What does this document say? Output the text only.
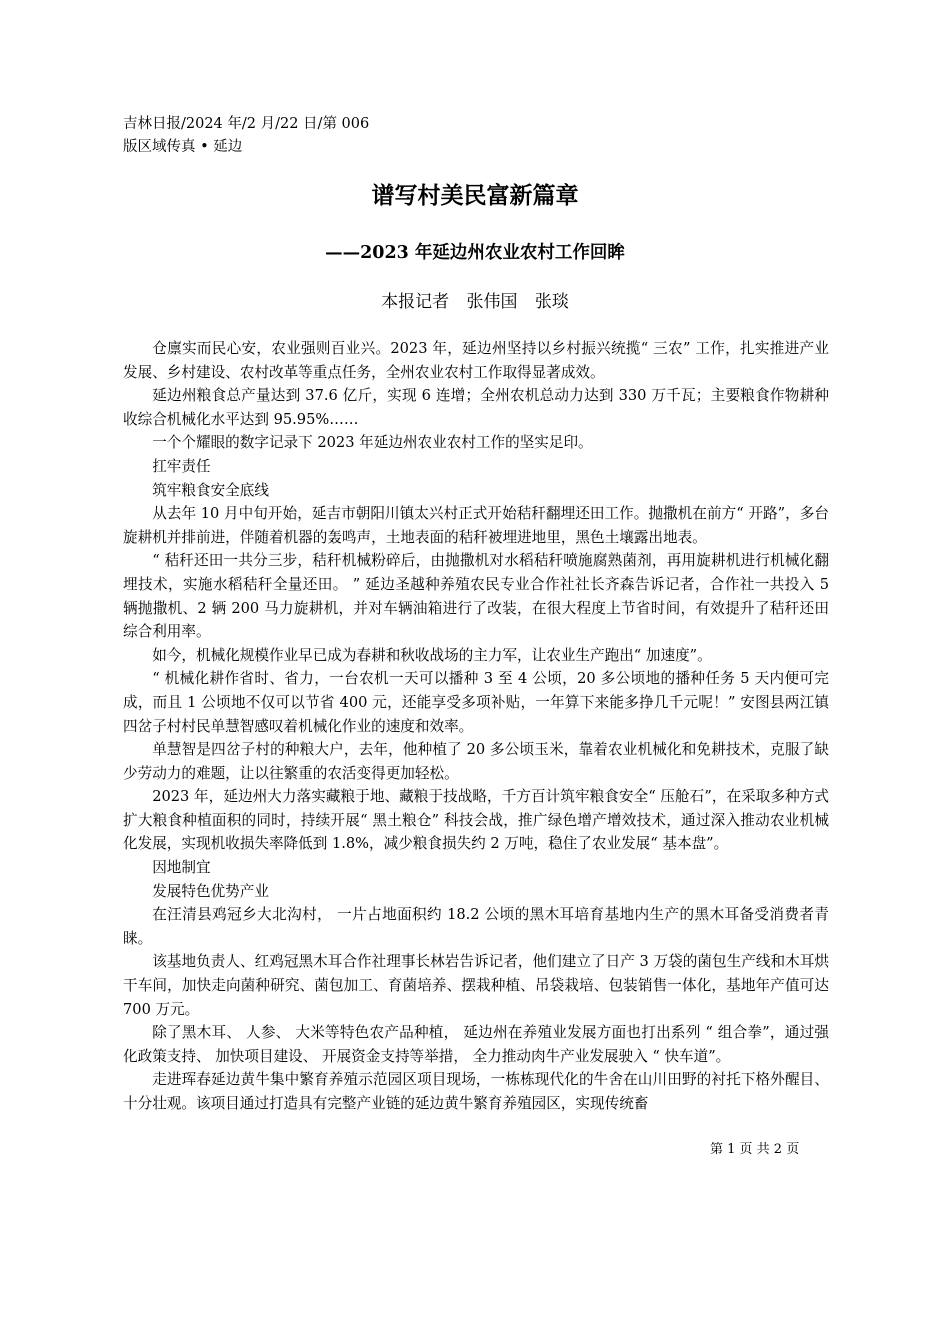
吉林日报/2024 年/2 月/22 日/第 006
版区域传真 • 延边
谱写村美民富新篇章
——2023 年延边州农业农村工作回眸
本报记者 张伟国 张琰

仓廪实而民心安，农业强则百业兴。2023 年，延边州坚持以乡村振兴统揽“ 三农” 工作，扎实推进产业发展、乡村建设、农村改革等重点任务，全州农业农村工作取得显著成效。

延边州粮食总产量达到 37.6 亿斤，实现 6 连增；全州农机总动力达到 330 万千瓦；主要粮食作物耕种收综合机械化水平达到 95.95%……

一个个耀眼的数字记录下 2023 年延边州农业农村工作的坚实足印。

扛牢责任

筑牢粮食安全底线

从去年 10 月中旬开始，延吉市朝阳川镇太兴村正式开始秸秆翻埋还田工作。抛撒机在前方“ 开路”，多台旋耕机并排前进，伴随着机器的轰鸣声，土地表面的秸秆被埋进地里，黑色土壤露出地表。

“ 秸秆还田一共分三步，秸秆机械粉碎后，由抛撒机对水稻秸秆喷施腐熟菌剂，再用旋耕机进行机械化翻埋技术，实施水稻秸秆全量还田。 ” 延边圣越种养殖农民专业合作社社长齐森告诉记者，合作社一共投入 5 辆抛撒机、2 辆 200 马力旋耕机，并对车辆油箱进行了改装，在很大程度上节省时间，有效提升了秸秆还田综合利用率。

如今，机械化规模作业早已成为春耕和秋收战场的主力军，让农业生产跑出“ 加速度”。

“ 机械化耕作省时、省力，一台农机一天可以播种 3 至 4 公顷，20 多公顷地的播种任务 5 天内便可完成，而且 1 公顷地不仅可以节省 400 元，还能享受多项补贴，一年算下来能多挣几千元呢！” 安图县两江镇四岔子村村民单慧智感叹着机械化作业的速度和效率。

单慧智是四岔子村的种粮大户，去年，他种植了 20 多公顷玉米，靠着农业机械化和免耕技术，克服了缺少劳动力的难题，让以往繁重的农活变得更加轻松。

2023 年，延边州大力落实藏粮于地、藏粮于技战略，千方百计筑牢粮食安全“ 压舱石”，在采取多种方式扩大粮食种植面积的同时，持续开展“ 黑土粮仓” 科技会战，推广绿色增产增效技术，通过深入推动农业机械化发展，实现机收损失率降低到 1.8%，减少粮食损失约 2 万吨，稳住了农业发展“ 基本盘”。

因地制宜

发展特色优势产业

在汪清县鸡冠乡大北沟村， 一片占地面积约 18.2 公顷的黑木耳培育基地内生产的黑木耳备受消费者青睐。

该基地负责人、红鸡冠黑木耳合作社理事长林岩告诉记者，他们建立了日产 3 万袋的菌包生产线和木耳烘干车间，加快走向菌种研究、菌包加工、育菌培养、摆栽种植、吊袋栽培、包装销售一体化，基地年产值可达 700 万元。

除了黑木耳、 人参、 大米等特色农产品种植， 延边州在养殖业发展方面也打出系列 “ 组合拳”，通过强化政策支持、 加快项目建设、 开展资金支持等举措， 全力推动肉牛产业发展驶入 “ 快车道”。

走进珲春延边黄牛集中繁育养殖示范园区项目现场，一栋栋现代化的牛舍在山川田野的衬托下格外醒目、十分壮观。该项目通过打造具有完整产业链的延边黄牛繁育养殖园区，实现传统畜

第 1 页 共 2 页
